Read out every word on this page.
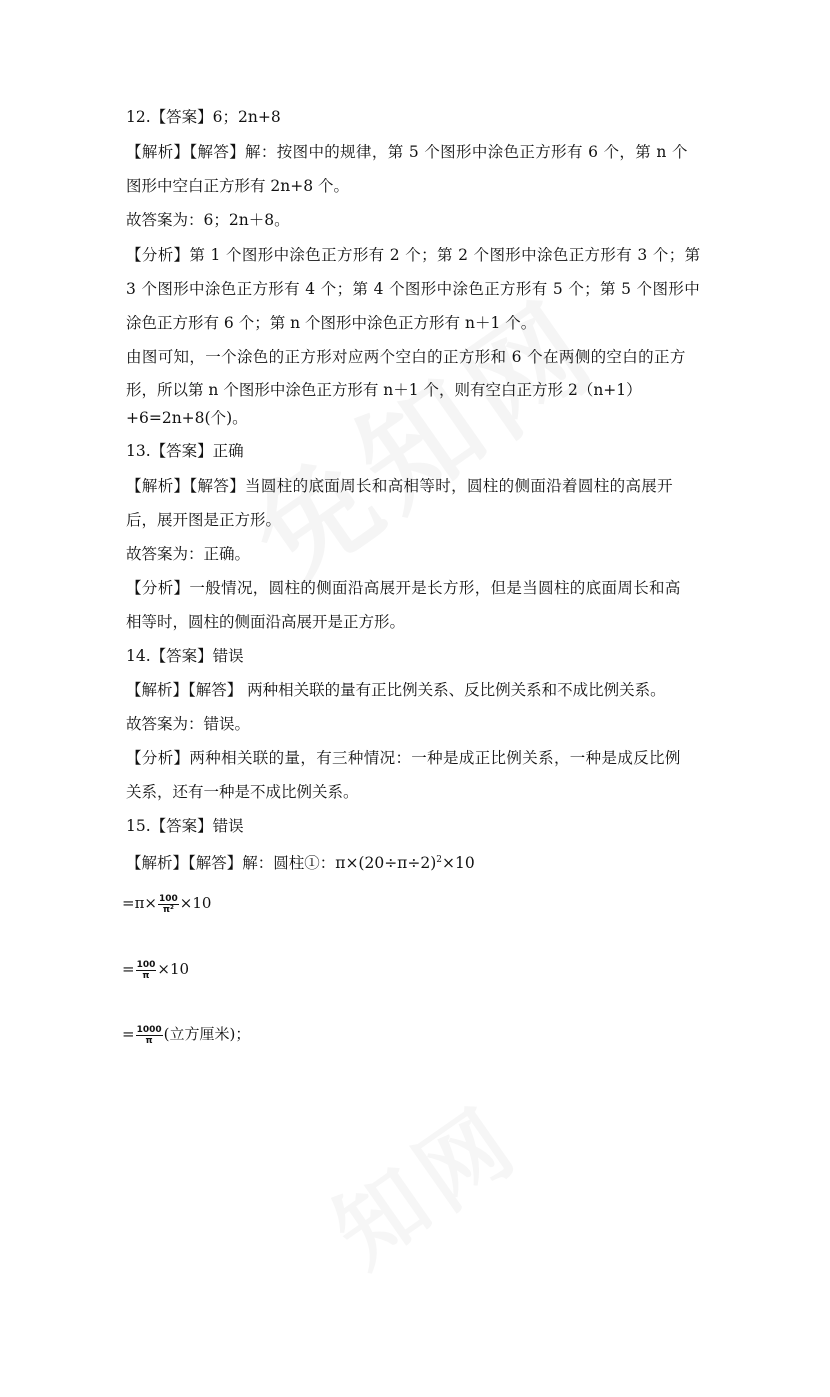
12.【答案】6；2n+8
【解析】【解答】解：按图中的规律，第 5 个图形中涂色正方形有 6 个，第 n 个
图形中空白正方形有 2n+8 个。
故答案为：6；2n＋8。
【分析】第 1 个图形中涂色正方形有 2 个；第 2 个图形中涂色正方形有 3 个；第
3 个图形中涂色正方形有 4 个；第 4 个图形中涂色正方形有 5 个；第 5 个图形中
涂色正方形有 6 个；第 n 个图形中涂色正方形有 n＋1 个。
由图可知，一个涂色的正方形对应两个空白的正方形和 6 个在两侧的空白的正方
形，所以第 n 个图形中涂色正方形有 n＋1 个，则有空白正方形 2（n+1）
+6=2n+8(个)。
13.【答案】正确
【解析】【解答】当圆柱的底面周长和高相等时，圆柱的侧面沿着圆柱的高展开
后，展开图是正方形。
故答案为：正确。
【分析】一般情况，圆柱的侧面沿高展开是长方形，但是当圆柱的底面周长和高
相等时，圆柱的侧面沿高展开是正方形。
14.【答案】错误
【解析】【解答】 两种相关联的量有正比例关系、反比例关系和不成比例关系。
故答案为：错误。
【分析】两种相关联的量，有三种情况：一种是成正比例关系，一种是成反比例
关系，还有一种是不成比例关系。
15.【答案】错误
【解析】【解答】解：圆柱①：$\pi\times(20\div\pi\div 2)^2\times 10$
$=\pi\times \frac{100}{\text{π²}} \times 10$
= $\frac{100}{\pi} \times 10$
= $\frac{1000}{\pi}$ (立方厘米)；
